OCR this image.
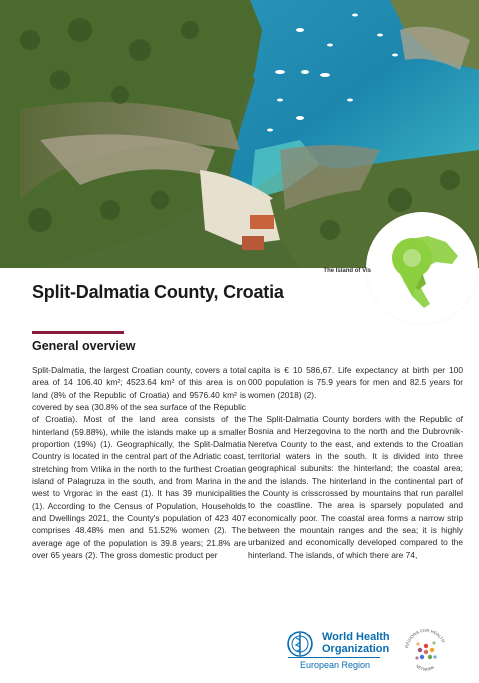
The Island of Vis
Split-Dalmatia County, Croatia
General overview

Split-Dalmatia, the largest Croatian county, covers a total area of 14 106.40 km²; 4523.64 km² of this area is on land (8% of the Republic of Croatia) and 9576.40 km² is covered by sea (30.8% of the sea surface of the Republic of Croatia). Most of the land area consists of the hinterland (59.88%), while the islands make up a smaller proportion (19%) (1). Geographically, the Split-Dalmatia Country is located in the central part of the Adriatic coast, stretching from Vrlika in the north to the furthest Croatian island of Palagruza in the south, and from Marina in the west to Vrgorac in the east (1). It has 39 municipalities (1). According to the Census of Population, Households and Dwellings 2021, the County's population of 423 407 comprises 48.48% men and 51.52% women (2). The average age of the population is 39.8 years; 21.8% are over 65 years (2). The gross domestic product per

capita is € 10 586,67. Life expectancy at birth per 100 000 population is 75.9 years for men and 82.5 years for women (2018) (2).

The Split-Dalmatia County borders with the Republic of Bosnia and Herzegovina to the north and the Dubrovnik-Neretva County to the east, and extends to the Croatian territorial waters in the south. It is divided into three geographical subunits: the hinterland; the coastal area; and the islands. The hinterland in the continental part of the County is crisscrossed by mountains that run parallel to the coastline. The area is sparsely populated and economically poor. The coastal area forms a narrow strip between the mountain ranges and the sea; it is highly urbanized and economically developed compared to the hinterland. The islands, of which there are 74,

World Health
Organization
European Region
REGIONS FOR HEALTH
NETWORK
